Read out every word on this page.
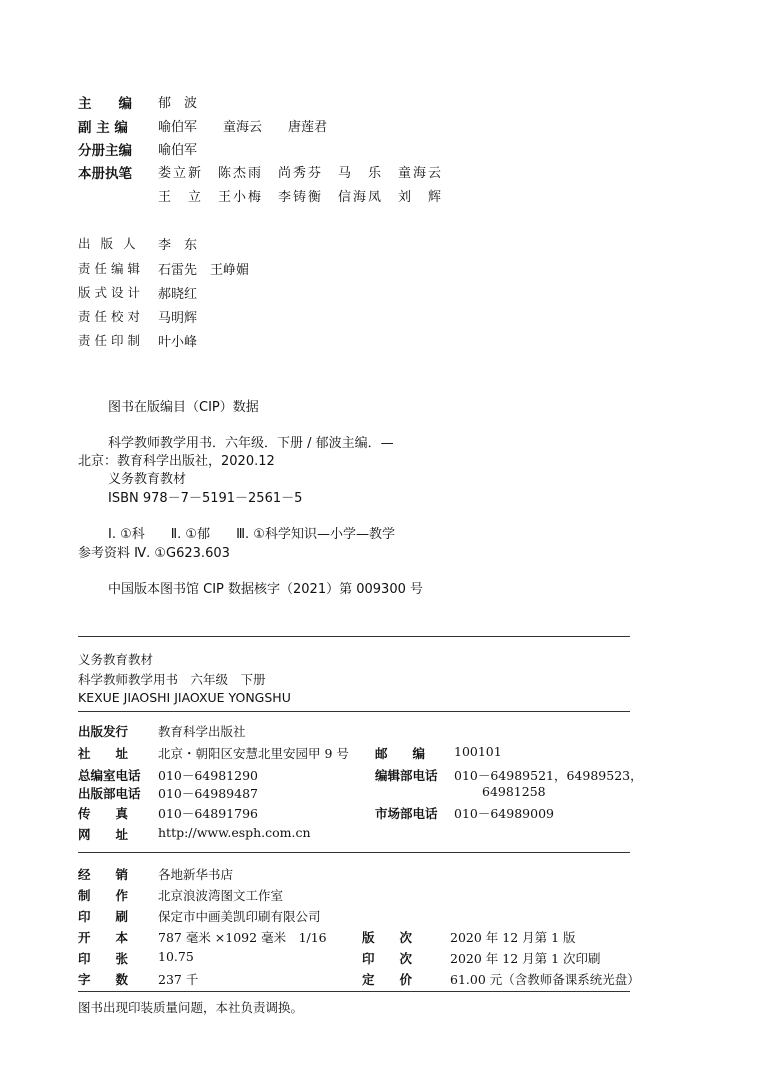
主　　编 郁　波
副 主 编 喻伯军　　童海云　　唐莲君
分册主编 喻伯军
本册执笔 娄立新　陈杰雨　尚秀芬　马　乐　童海云
王　立　王小梅　李铸衡　信海凤　刘　辉
出版人 李　东
责任编辑 石雷先　王峥媚
版式设计 郝晓红
责任校对 马明辉
责任印制 叶小峰
图书在版编目（CIP）数据
科学教师教学用书．六年级．下册 / 郁波主编．—
北京：教育科学出版社，2020.12
义务教育教材
ISBN 978－7－5191－2561－5
Ⅰ. ①科　　Ⅱ. ①郁　　Ⅲ. ①科学知识—小学—教学
参考资料 Ⅳ. ①G623.603
中国版本图书馆 CIP 数据核字（2021）第 009300 号
义务教育教材
科学教师教学用书　六年级　下册
KEXUE JIAOSHI JIAOXUE YONGSHU
出版发行 教育科学出版社
社　　址 北京・朝阳区安慧北里安园甲 9 号 邮　　编 100101
总编室电话 010－64981290	编辑部电话 010－64989521，64989523，
出版部电话 010－64989487	64981258
传　　真 010－64891796	市场部电话 010－64989009
网　　址 http://www.esph.com.cn
经　　销 各地新华书店
制　　作 北京浪波湾图文工作室
印　　刷 保定市中画美凯印刷有限公司
开　　本 787 毫米 ×1092 毫米　1/16	版　　次	2020 年 12 月第 1 版
印　　张 10.75	印　　次	2020 年 12 月第 1 次印刷
字　　数 237 千	定　　价	61.00 元（含教师备课系统光盘）
图书出现印装质量问题，本社负责调换。
